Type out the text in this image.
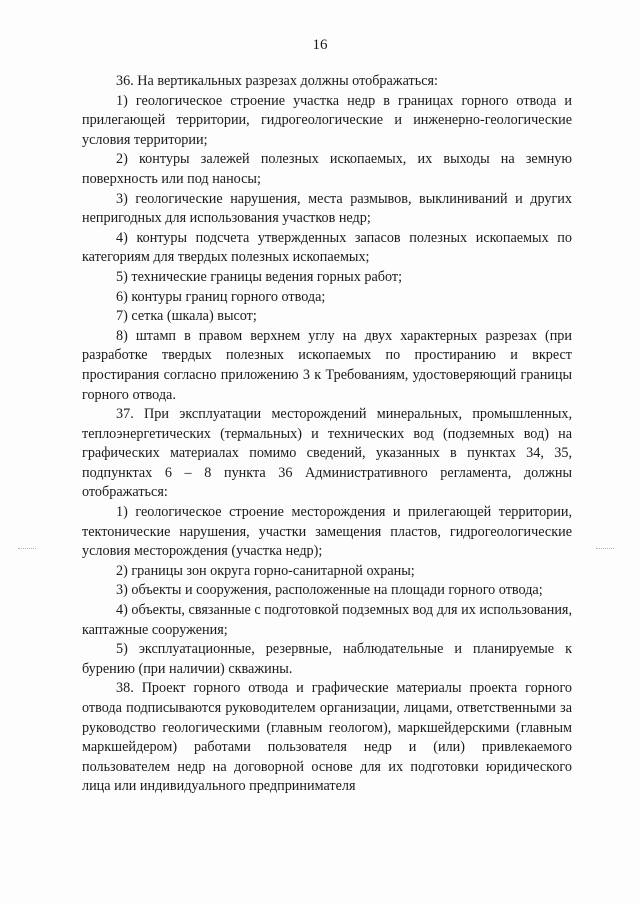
16

36. На вертикальных разрезах должны отображаться:

1) геологическое строение участка недр в границах горного отвода и прилегающей территории, гидрогеологические и инженерно-геологические условия территории;

2) контуры залежей полезных ископаемых, их выходы на земную поверхность или под наносы;

3) геологические нарушения, места размывов, выклиниваний и других непригодных для использования участков недр;

4) контуры подсчета утвержденных запасов полезных ископаемых по категориям для твердых полезных ископаемых;

5) технические границы ведения горных работ;

6) контуры границ горного отвода;

7) сетка (шкала) высот;

8) штамп в правом верхнем углу на двух характерных разрезах (при разработке твердых полезных ископаемых по простиранию и вкрест простирания согласно приложению 3 к Требованиям, удостоверяющий границы горного отвода.

37. При эксплуатации месторождений минеральных, промышленных, теплоэнергетических (термальных) и технических вод (подземных вод) на графических материалах помимо сведений, указанных в пунктах 34, 35, подпунктах 6 – 8 пункта 36 Административного регламента, должны отображаться:

1) геологическое строение месторождения и прилегающей территории, тектонические нарушения, участки замещения пластов, гидрогеологические условия месторождения (участка недр);

2) границы зон округа горно-санитарной охраны;

3) объекты и сооружения, расположенные на площади горного отвода;

4) объекты, связанные с подготовкой подземных вод для их использования, каптажные сооружения;

5) эксплуатационные, резервные, наблюдательные и планируемые к бурению (при наличии) скважины.

38. Проект горного отвода и графические материалы проекта горного отвода подписываются руководителем организации, лицами, ответственными за руководство геологическими (главным геологом), маркшейдерскими (главным маркшейдером) работами пользователя недр и (или) привлекаемого пользователем недр на договорной основе для их подготовки юридического лица или индивидуального предпринимателя
